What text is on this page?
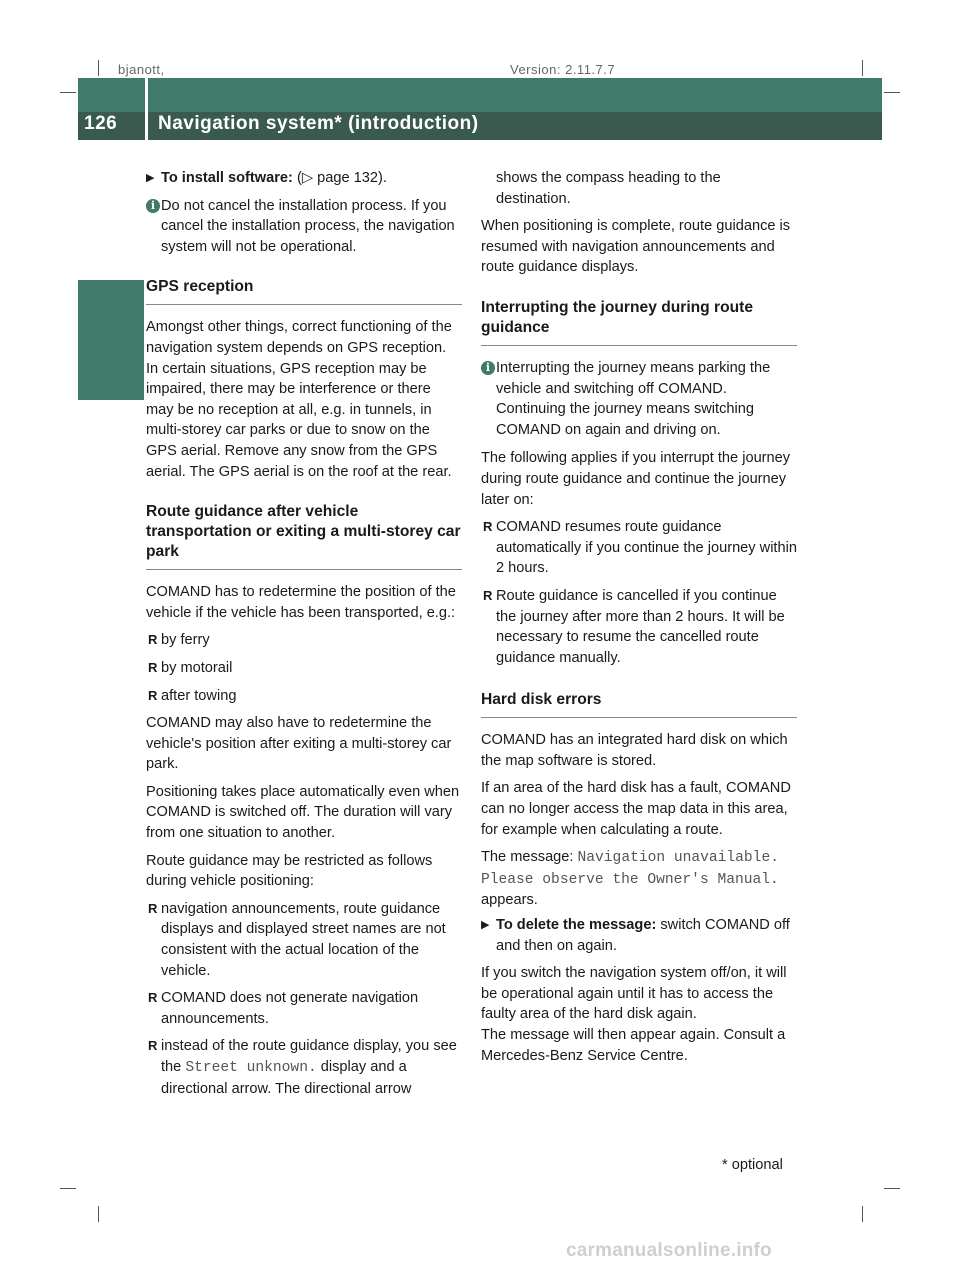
bjanott,	Version: 2.11.7.7
126 Navigation system* (introduction)
COMAND
▶ To install software: (▷ page 132).
i Do not cancel the installation process. If you cancel the installation process, the navigation system will not be operational.
GPS reception

Amongst other things, correct functioning of the navigation system depends on GPS reception. In certain situations, GPS reception may be impaired, there may be interference or there may be no reception at all, e.g. in tunnels, in multi-storey car parks or due to snow on the GPS aerial. Remove any snow from the GPS aerial. The GPS aerial is on the roof at the rear.

Route guidance after vehicle transportation or exiting a multi-storey car park

COMAND has to redetermine the position of the vehicle if the vehicle has been transported, e.g.:

R by ferry
R by motorail
R after towing

COMAND may also have to redetermine the vehicle's position after exiting a multi-storey car park.

Positioning takes place automatically even when COMAND is switched off. The duration will vary from one situation to another.

Route guidance may be restricted as follows during vehicle positioning:

R navigation announcements, route guidance displays and displayed street names are not consistent with the actual location of the vehicle.
R COMAND does not generate navigation announcements.
R instead of the route guidance display, you see the Street unknown. display and a directional arrow. The directional arrow

shows the compass heading to the destination.

When positioning is complete, route guidance is resumed with navigation announcements and route guidance displays.

Interrupting the journey during route guidance
i Interrupting the journey means parking the vehicle and switching off COMAND. Continuing the journey means switching COMAND on again and driving on.

The following applies if you interrupt the journey during route guidance and continue the journey later on:

R COMAND resumes route guidance automatically if you continue the journey within 2 hours.
R Route guidance is cancelled if you continue the journey after more than 2 hours. It will be necessary to resume the cancelled route guidance manually.
Hard disk errors

COMAND has an integrated hard disk on which the map software is stored.

If an area of the hard disk has a fault, COMAND can no longer access the map data in this area, for example when calculating a route.

The message: Navigation unavailable.
Please observe the Owner's Manual.
appears.

▶ To delete the message: switch COMAND off and then on again.

If you switch the navigation system off/on, it will be operational again until it has to access the faulty area of the hard disk again.

The message will then appear again. Consult a Mercedes-Benz Service Centre.

* optional
carmanualsonline.info
